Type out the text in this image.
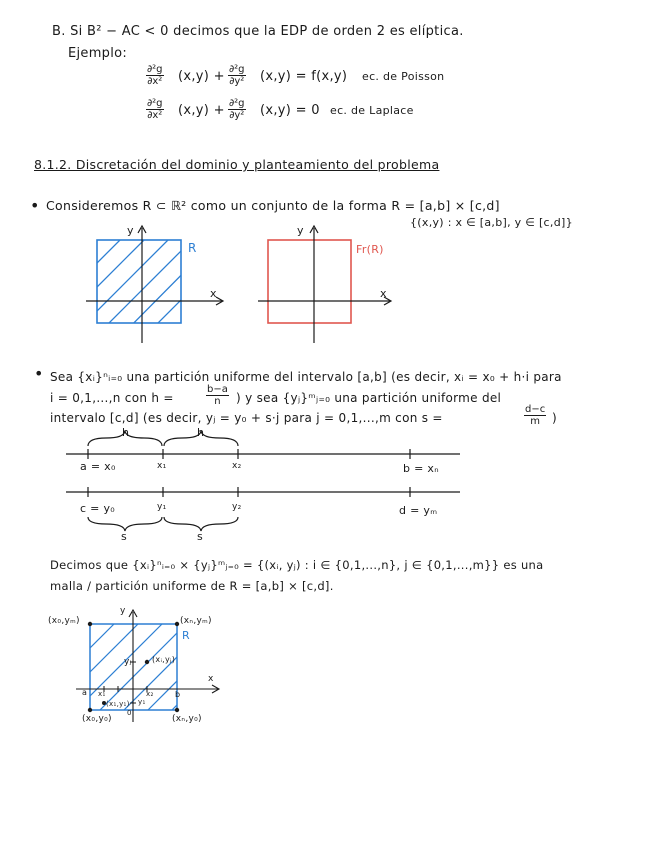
B. Si B² − AC < 0 decimos que la EDP de orden 2 es elíptica.
Ejemplo:
$\frac{\text{∂²g}}{\text{∂x²}} (x,y) + \frac{\text{∂²g}}{\text{∂y²}} (x,y) = f(x,y)$ ec. de Poisson
$\frac{\text{∂²g}}{\text{∂x²}} (x,y) + \frac{\text{∂²g}}{\text{∂y²}} (x,y) = 0$ ec. de Laplace
8.1.2. Discretación del dominio y planteamiento del problema
• Consideremos R ⊂ ℝ² como un conjunto de la forma R = [a,b] × [c,d]
{(x,y) : x ∈ [a,b], y ∈ [c,d]}
• Sea {xᵢ}ⁿᵢ₌₀ una partición uniforme del intervalo [a,b] (es decir, xᵢ = x₀ + h·i para
i = 0,1,...,n con h =	$\frac{b-a}{n}$ ) y sea {yⱼ}ᵐⱼ₌₀ una partición uniforme del
intervalo [c,d] (es decir, yⱼ = y₀ + s·j para j = 0,1,...,m con s =	$\frac{d-c}{m}$ )
Decimos que {xᵢ}ⁿᵢ₌₀ × {yⱼ}ᵐⱼ₌₀ = {(xᵢ, yⱼ) : i ∈ {0,1,...,n}, j ∈ {0,1,...,m}} es una
malla / partición uniforme de R = [a,b] × [c,d].
y
x
R
y
x
Fr(R)
h	h
a = x₀	x₁	x₂	b = xₙ
c = y₀	y₁	y₂	d = yₘ
s	s
(x₀,yₘ)	(xₙ,yₘ)
(x₀,y₀)	(xₙ,y₀)
y
x
R
yⱼ	(xᵢ,yⱼ)
a x₁	x₂	b
y₁
0
(x₁,y₁)
